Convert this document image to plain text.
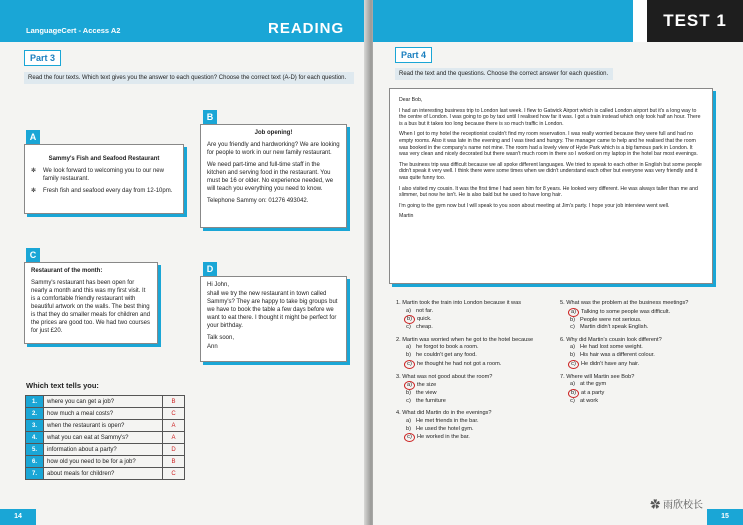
LanguageCert - Access A2	READING
Part 3
Read the four texts. Which text gives you the answer to each question? Choose the correct text (A-D) for each question.
A

Sammy's Fish and Seafood Restaurant

✻ We look forward to welcoming you to our new family restaurant.
✻ Fresh fish and seafood every day from 12-10pm.
B

Job opening!

Are you friendly and hardworking? We are looking for people to work in our new family restaurant.

We need part-time and full-time staff in the kitchen and serving food in the restaurant. You must be 16 or older. No experience needed, we will teach you everything you need to know.

Telephone Sammy on: 01276 493042.

C

Restaurant of the month:

Sammy's restaurant has been open for nearly a month and this was my first visit. It is a comfortable friendly restaurant with beautiful artwork on the walls. The best thing is that they do smaller meals for children and the prices are good too. We had two courses for just £20.

D

Hi John,

shall we try the new restaurant in town called Sammy's? They are happy to take big groups but we have to book the table a few days before we want to eat there. I thought it might be perfect for your birthday.

Talk soon,

Ann

Which text tells you:
1.	where you can get a job?	B
2.	how much a meal costs?	C
3.	when the restaurant is open?	A
4.	what you can eat at Sammy's?	A
5.	information about a party?	D
6.	how old you need to be for a job?	B
7.	about meals for children?	C
14
TEST 1
Part 4
Read the text and the questions. Choose the correct answer for each question.

Dear Bob,

I had an interesting business trip to London last week. I flew to Gatwick Airport which is called London airport but it's a long way to the centre of London. I was going to go by taxi until I realised how far it was. I got a train instead which only took half an hour. There is a bus but it takes too long because there is so much traffic in London.

When I got to my hotel the receptionist couldn't find my room reservation. I was really worried because they were full and had no empty rooms. Also it was late in the evening and I was tired and hungry. The manager came to help and he realised that the room was booked in the company's name not mine. The room had a lovely view of Hyde Park which is a big famous park in London. It was very clean and nicely decorated but there wasn't much room in there so I worked on my laptop in the hotel bar most evenings.

The business trip was difficult because we all spoke different languages. We tried to speak to each other in English but some people didn't speak it very well. I think there were some times when we didn't understand each other but everyone was very friendly and it was quite funny too.

I also visited my cousin. It was the first time I had seen him for 8 years. He looked very different. He was always taller than me and slimmer, but now he isn't. He is also bald but he used to have long hair.

I'm going to the gym now but I will speak to you soon about meeting at Jim's party. I hope your job interview went well.

Martin

1. Martin took the train into London because it was
a) not far.
b) quick.
c) cheap.
2. Martin was worried when he got to the hotel because
a) he forgot to book a room.
b) he couldn't get any food.
c) he thought he had not got a room.
3. What was not good about the room?
a) the size
b) the view
c) the furniture
4. What did Martin do in the evenings?
a) He met friends in the bar.
b) He used the hotel gym.
c) He worked in the bar.
5. What was the problem at the business meetings?
a) Talking to some people was difficult.
b) People were not serious.
c) Martin didn't speak English.
6. Why did Martin's cousin look different?
a) He had lost some weight.
b) His hair was a different colour.
c) He didn't have any hair.
7. Where will Martin see Bob?
a) at the gym
b) at a party
c) at work
15
✿ 雨欣校长
